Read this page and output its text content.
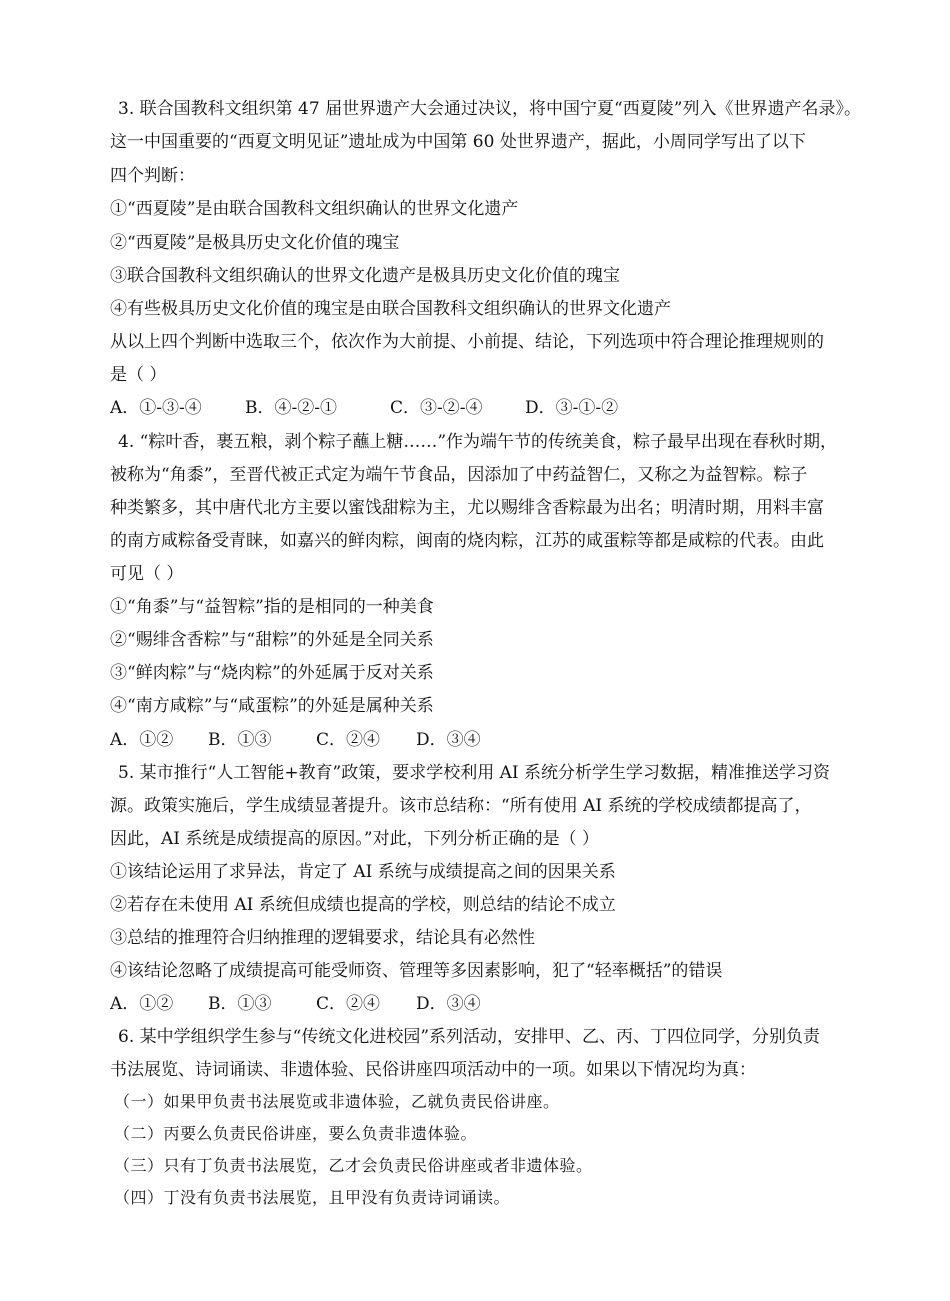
3. 联合国教科文组织第 47 届世界遗产大会通过决议，将中国宁夏“西夏陵”列入《世界遗产名录》。
这一中国重要的“西夏文明见证”遗址成为中国第 60 处世界遗产，据此，小周同学写出了以下
四个判断：
①“西夏陵”是由联合国教科文组织确认的世界文化遗产
②“西夏陵”是极具历史文化价值的瑰宝
③联合国教科文组织确认的世界文化遗产是极具历史文化价值的瑰宝
④有些极具历史文化价值的瑰宝是由联合国教科文组织确认的世界文化遗产
从以上四个判断中选取三个，依次作为大前提、小前提、结论，下列选项中符合理论推理规则的
是（ ）
A．①-③-④	B．④-②-①	C．③-②-④	D．③-①-②
4. “粽叶香，裹五粮，剥个粽子蘸上糖……”作为端午节的传统美食，粽子最早出现在春秋时期，
被称为“角黍”，至晋代被正式定为端午节食品，因添加了中药益智仁，又称之为益智粽。粽子
种类繁多，其中唐代北方主要以蜜饯甜粽为主，尤以赐绯含香粽最为出名；明清时期，用料丰富
的南方咸粽备受青睐，如嘉兴的鲜肉粽，闽南的烧肉粽，江苏的咸蛋粽等都是咸粽的代表。由此
可见（ ）
①“角黍”与“益智粽”指的是相同的一种美食
②“赐绯含香粽”与“甜粽”的外延是全同关系
③“鲜肉粽”与“烧肉粽”的外延属于反对关系
④“南方咸粽”与“咸蛋粽”的外延是属种关系
A．①② B．①③	C．②④ D．③④
5. 某市推行“人工智能+教育”政策，要求学校利用 AI 系统分析学生学习数据，精准推送学习资
源。政策实施后，学生成绩显著提升。该市总结称：“所有使用 AI 系统的学校成绩都提高了，
因此，AI 系统是成绩提高的原因。”对此，下列分析正确的是（ ）
①该结论运用了求异法，肯定了 AI 系统与成绩提高之间的因果关系
②若存在未使用 AI 系统但成绩也提高的学校，则总结的结论不成立
③总结的推理符合归纳推理的逻辑要求，结论具有必然性
④该结论忽略了成绩提高可能受师资、管理等多因素影响，犯了“轻率概括”的错误
A．①② B．①③	C．②④ D．③④
6. 某中学组织学生参与“传统文化进校园”系列活动，安排甲、乙、丙、丁四位同学，分别负责
书法展览、诗词诵读、非遗体验、民俗讲座四项活动中的一项。如果以下情况均为真：
（一）如果甲负责书法展览或非遗体验，乙就负责民俗讲座。
（二）丙要么负责民俗讲座，要么负责非遗体验。
（三）只有丁负责书法展览，乙才会负责民俗讲座或者非遗体验。
（四）丁没有负责书法展览，且甲没有负责诗词诵读。
